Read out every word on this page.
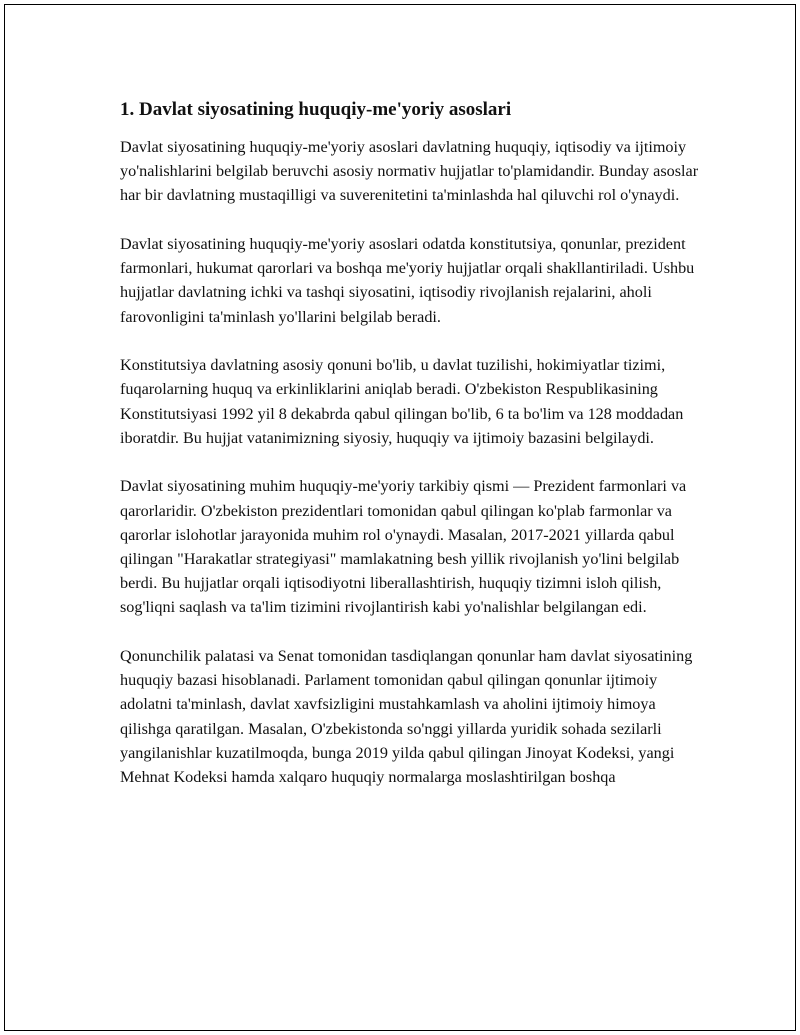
1. Davlat siyosatining huquqiy-me'yoriy asoslari

Davlat siyosatining huquqiy-me'yoriy asoslari davlatning huquqiy, iqtisodiy va ijtimoiy yo'nalishlarini belgilab beruvchi asosiy normativ hujjatlar to'plamidandir. Bunday asoslar har bir davlatning mustaqilligi va suverenitetini ta'minlashda hal qiluvchi rol o'ynaydi.

Davlat siyosatining huquqiy-me'yoriy asoslari odatda konstitutsiya, qonunlar, prezident farmonlari, hukumat qarorlari va boshqa me'yoriy hujjatlar orqali shakllantiriladi. Ushbu hujjatlar davlatning ichki va tashqi siyosatini, iqtisodiy rivojlanish rejalarini, aholi farovonligini ta'minlash yo'llarini belgilab beradi.

Konstitutsiya davlatning asosiy qonuni bo'lib, u davlat tuzilishi, hokimiyatlar tizimi, fuqarolarning huquq va erkinliklarini aniqlab beradi. O'zbekiston Respublikasining Konstitutsiyasi 1992 yil 8 dekabrda qabul qilingan bo'lib, 6 ta bo'lim va 128 moddadan iboratdir. Bu hujjat vatanimizning siyosiy, huquqiy va ijtimoiy bazasini belgilaydi.

Davlat siyosatining muhim huquqiy-me'yoriy tarkibiy qismi — Prezident farmonlari va qarorlaridir. O'zbekiston prezidentlari tomonidan qabul qilingan ko'plab farmonlar va qarorlar islohotlar jarayonida muhim rol o'ynaydi. Masalan, 2017-2021 yillarda qabul qilingan "Harakatlar strategiyasi" mamlakatning besh yillik rivojlanish yo'lini belgilab berdi. Bu hujjatlar orqali iqtisodiyotni liberallashtirish, huquqiy tizimni isloh qilish, sog'liqni saqlash va ta'lim tizimini rivojlantirish kabi yo'nalishlar belgilangan edi.

Qonunchilik palatasi va Senat tomonidan tasdiqlangan qonunlar ham davlat siyosatining huquqiy bazasi hisoblanadi. Parlament tomonidan qabul qilingan qonunlar ijtimoiy adolatni ta'minlash, davlat xavfsizligini mustahkamlash va aholini ijtimoiy himoya qilishga qaratilgan. Masalan, O'zbekistonda so'nggi yillarda yuridik sohada sezilarli yangilanishlar kuzatilmoqda, bunga 2019 yilda qabul qilingan Jinoyat Kodeksi, yangi Mehnat Kodeksi hamda xalqaro huquqiy normalarga moslashtirilgan boshqa
